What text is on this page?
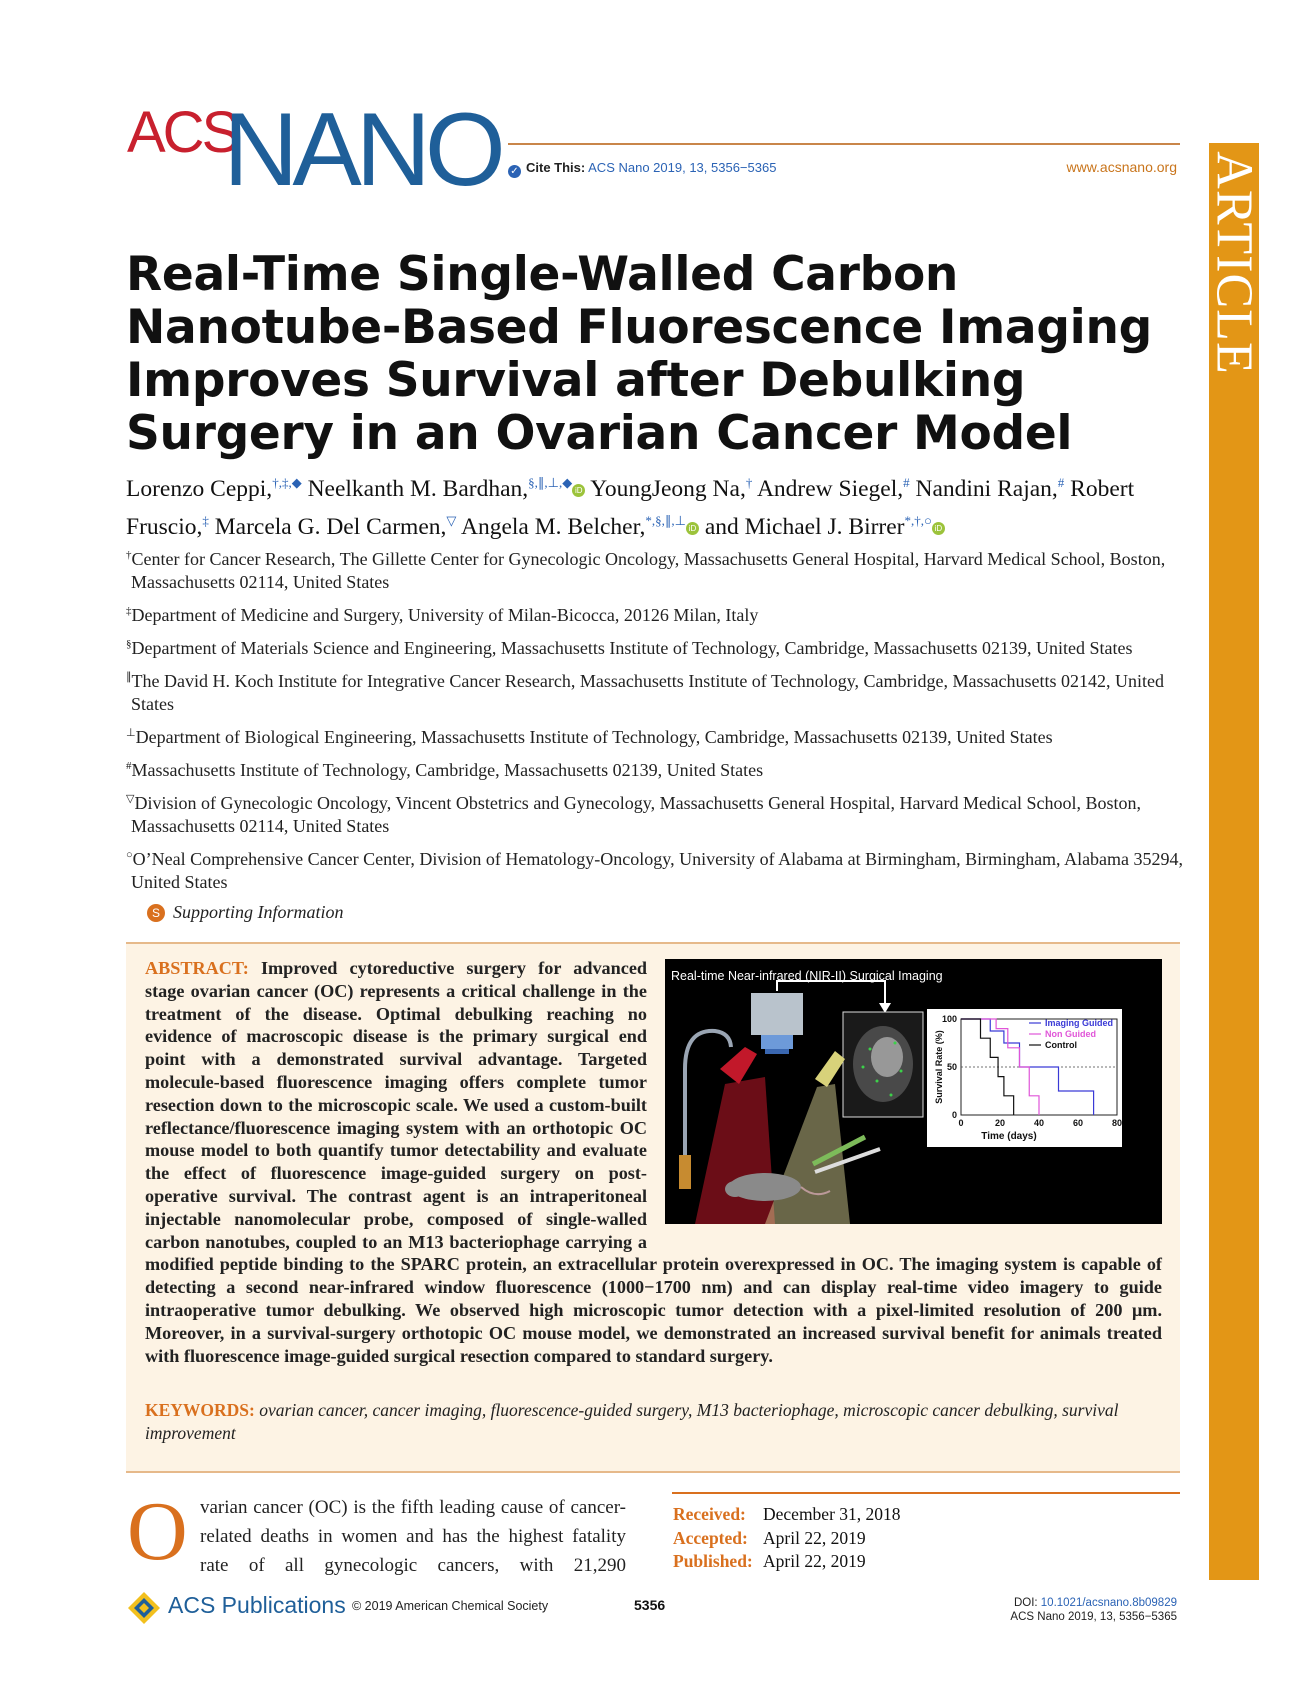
ACSNANO	✓ Cite This: ACS Nano 2019, 13, 5356−5365	www.acsnano.org ARTICLE
Real-Time Single-Walled Carbon Nanotube-Based Fluorescence Imaging Improves Survival after Debulking Surgery in an Ovarian Cancer Model
Lorenzo Ceppi,†,‡,◆ Neelkanth M. Bardhan,§,∥,⊥,◆iD YoungJeong Na,† Andrew Siegel,# Nandini Rajan,# Robert Fruscio,‡ Marcela G. Del Carmen,▽ Angela M. Belcher,*,§,∥,⊥iD and Michael J. Birrer*,†,○iD

†Center for Cancer Research, The Gillette Center for Gynecologic Oncology, Massachusetts General Hospital, Harvard Medical School, Boston, Massachusetts 02114, United States

‡Department of Medicine and Surgery, University of Milan-Bicocca, 20126 Milan, Italy

§Department of Materials Science and Engineering, Massachusetts Institute of Technology, Cambridge, Massachusetts 02139, United States

∥The David H. Koch Institute for Integrative Cancer Research, Massachusetts Institute of Technology, Cambridge, Massachusetts 02142, United States

⊥Department of Biological Engineering, Massachusetts Institute of Technology, Cambridge, Massachusetts 02139, United States

#Massachusetts Institute of Technology, Cambridge, Massachusetts 02139, United States

▽Division of Gynecologic Oncology, Vincent Obstetrics and Gynecology, Massachusetts General Hospital, Harvard Medical School, Boston, Massachusetts 02114, United States

○O’Neal Comprehensive Cancer Center, Division of Hematology-Oncology, University of Alabama at Birmingham, Birmingham, Alabama 35294, United States

S Supporting Information
Real-time Near-infrared (NIR-II) Surgical Imaging
0	20	40	60	80
0
50
100
Time (days)
Survival Rate (%)
Imaging Guided
Non Guided
Control
ABSTRACT: Improved cytoreductive surgery for advanced stage ovarian cancer (OC) represents a critical challenge in the treatment of the disease. Optimal debulking reaching no evidence of macroscopic disease is the primary surgical end point with a demonstrated survival advantage. Targeted molecule-based fluorescence imaging offers complete tumor resection down to the microscopic scale. We used a custom-built reflectance/fluorescence imaging system with an orthotopic OC mouse model to both quantify tumor detectability and evaluate the effect of fluorescence image-guided surgery on post-operative survival. The contrast agent is an intraperitoneal injectable nanomolecular probe, composed of single-walled carbon nanotubes, coupled to an M13 bacteriophage carrying a modified peptide binding to the SPARC protein, an extracellular protein overexpressed in OC. The imaging system is capable of detecting a second near-infrared window fluorescence (1000−1700 nm) and can display real-time video imagery to guide intraoperative tumor debulking. We observed high microscopic tumor detection with a pixel-limited resolution of 200 μm. Moreover, in a survival-surgery orthotopic OC mouse model, we demonstrated an increased survival benefit for animals treated with fluorescence image-guided surgical resection compared to standard surgery.
KEYWORDS: ovarian cancer, cancer imaging, fluorescence-guided surgery, M13 bacteriophage, microscopic cancer debulking, survival improvement
O varian cancer (OC) is the fifth leading cause of cancer-related deaths in women and has the highest fatality rate of all gynecologic cancers, with 21,290
Received: December 31, 2018
Accepted: April 22, 2019
Published: April 22, 2019
ACS Publications © 2019 American Chemical Society	5356	DOI: 10.1021/acsnano.8b09829
ACS Nano 2019, 13, 5356−5365
